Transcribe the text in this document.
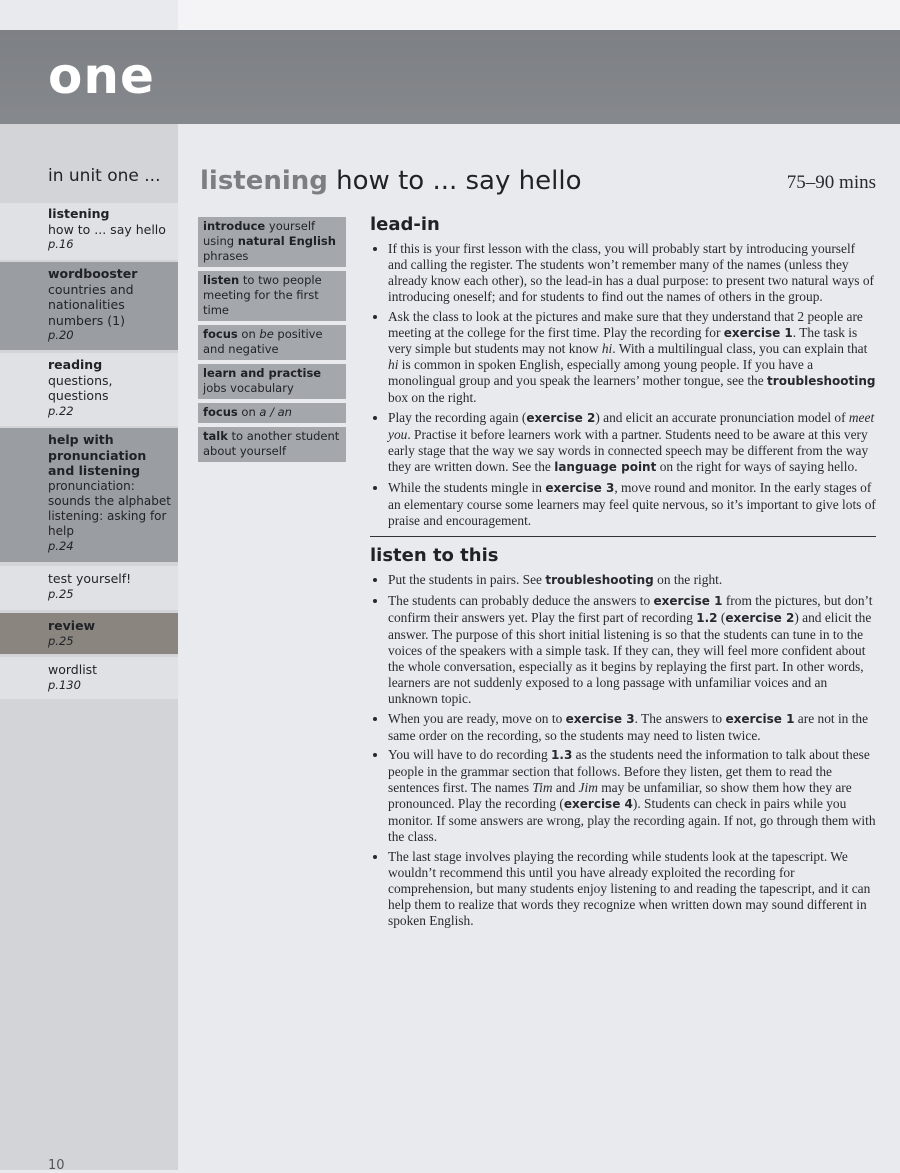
one
in unit one ...
listening
how to ... say hello
p.16
wordbooster
countries and nationalities
numbers (1)
p.20
reading
questions, questions
p.22
help with pronunciation and listening
pronunciation: sounds the alphabet
listening: asking for help
p.24
test yourself!
p.25
review
p.25
wordlist
p.130
listening how to ... say hello	75–90 mins
introduce yourself using natural English phrases
listen to two people meeting for the first time
focus on be positive and negative
learn and practise jobs vocabulary
focus on a / an
talk to another student about yourself
lead-in
• If this is your first lesson with the class, you will probably start by introducing yourself and calling the register. The students won’t remember many of the names (unless they already know each other), so the lead-in has a dual purpose: to present two natural ways of introducing oneself; and for students to find out the names of others in the group.
• Ask the class to look at the pictures and make sure that they understand that 2 people are meeting at the college for the first time. Play the recording for exercise 1. The task is very simple but students may not know hi. With a multilingual class, you can explain that hi is common in spoken English, especially among young people. If you have a monolingual group and you speak the learners’ mother tongue, see the troubleshooting box on the right.
• Play the recording again (exercise 2) and elicit an accurate pronunciation model of meet you. Practise it before learners work with a partner. Students need to be aware at this very early stage that the way we say words in connected speech may be different from the way they are written down. See the language point on the right for ways of saying hello.
• While the students mingle in exercise 3, move round and monitor. In the early stages of an elementary course some learners may feel quite nervous, so it’s important to give lots of praise and encouragement.
listen to this
• Put the students in pairs. See troubleshooting on the right.
• The students can probably deduce the answers to exercise 1 from the pictures, but don’t confirm their answers yet. Play the first part of recording 1.2 (exercise 2) and elicit the answer. The purpose of this short initial listening is so that the students can tune in to the voices of the speakers with a simple task. If they can, they will feel more confident about the whole conversation, especially as it begins by replaying the first part. In other words, learners are not suddenly exposed to a long passage with unfamiliar voices and an unknown topic.
• When you are ready, move on to exercise 3. The answers to exercise 1 are not in the same order on the recording, so the students may need to listen twice.
• You will have to do recording 1.3 as the students need the information to talk about these people in the grammar section that follows. Before they listen, get them to read the sentences first. The names Tim and Jim may be unfamiliar, so show them how they are pronounced. Play the recording (exercise 4). Students can check in pairs while you monitor. If some answers are wrong, play the recording again. If not, go through them with the class.
• The last stage involves playing the recording while students look at the tapescript. We wouldn’t recommend this until you have already exploited the recording for comprehension, but many students enjoy listening to and reading the tapescript, and it can help them to realize that words they recognize when written down may sound different in spoken English.
10
